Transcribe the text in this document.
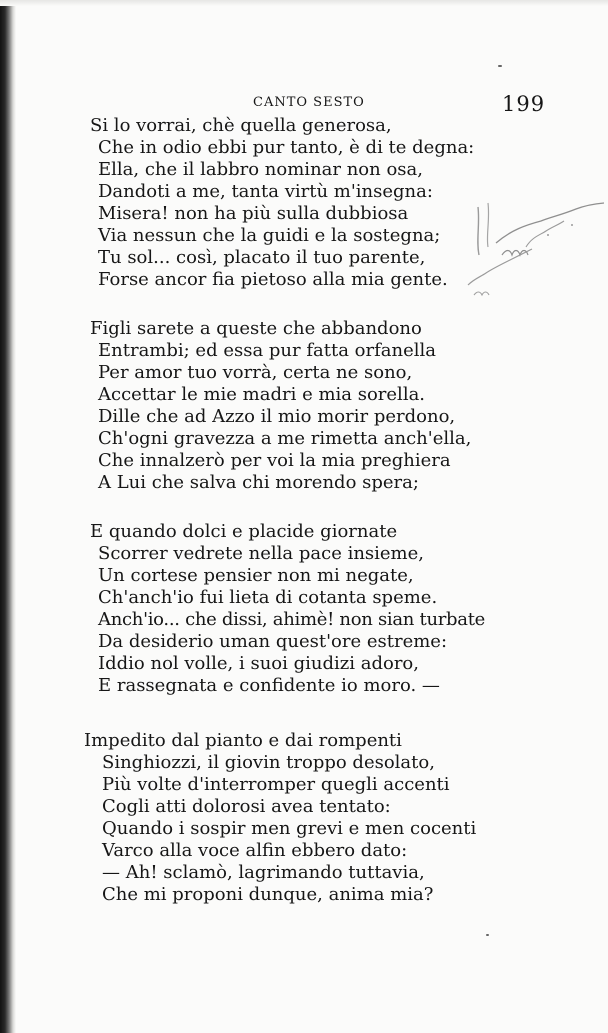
CANTO SESTO	199
Si lo vorrai, chè quella generosa,
Che in odio ebbi pur tanto, è di te degna:
Ella, che il labbro nominar non osa,
Dandoti a me, tanta virtù m'insegna:
Misera! non ha più sulla dubbiosa
Via nessun che la guidi e la sostegna;
Tu sol... così, placato il tuo parente,
Forse ancor fia pietoso alla mia gente.
Figli sarete a queste che abbandono
Entrambi; ed essa pur fatta orfanella
Per amor tuo vorrà, certa ne sono,
Accettar le mie madri e mia sorella.
Dille che ad Azzo il mio morir perdono,
Ch'ogni gravezza a me rimetta anch'ella,
Che innalzerò per voi la mia preghiera
A Lui che salva chi morendo spera;
E quando dolci e placide giornate
Scorrer vedrete nella pace insieme,
Un cortese pensier non mi negate,
Ch'anch'io fui lieta di cotanta speme.
Anch'io... che dissi, ahimè! non sian turbate
Da desiderio uman quest'ore estreme:
Iddio nol volle, i suoi giudizi adoro,
E rassegnata e confidente io moro. —
Impedito dal pianto e dai rompenti
Singhiozzi, il giovin troppo desolato,
Più volte d'interromper quegli accenti
Cogli atti dolorosi avea tentato:
Quando i sospir men grevi e men cocenti
Varco alla voce alfin ebbero dato:
— Ah! sclamò, lagrimando tuttavia,
Che mi proponi dunque, anima mia?
